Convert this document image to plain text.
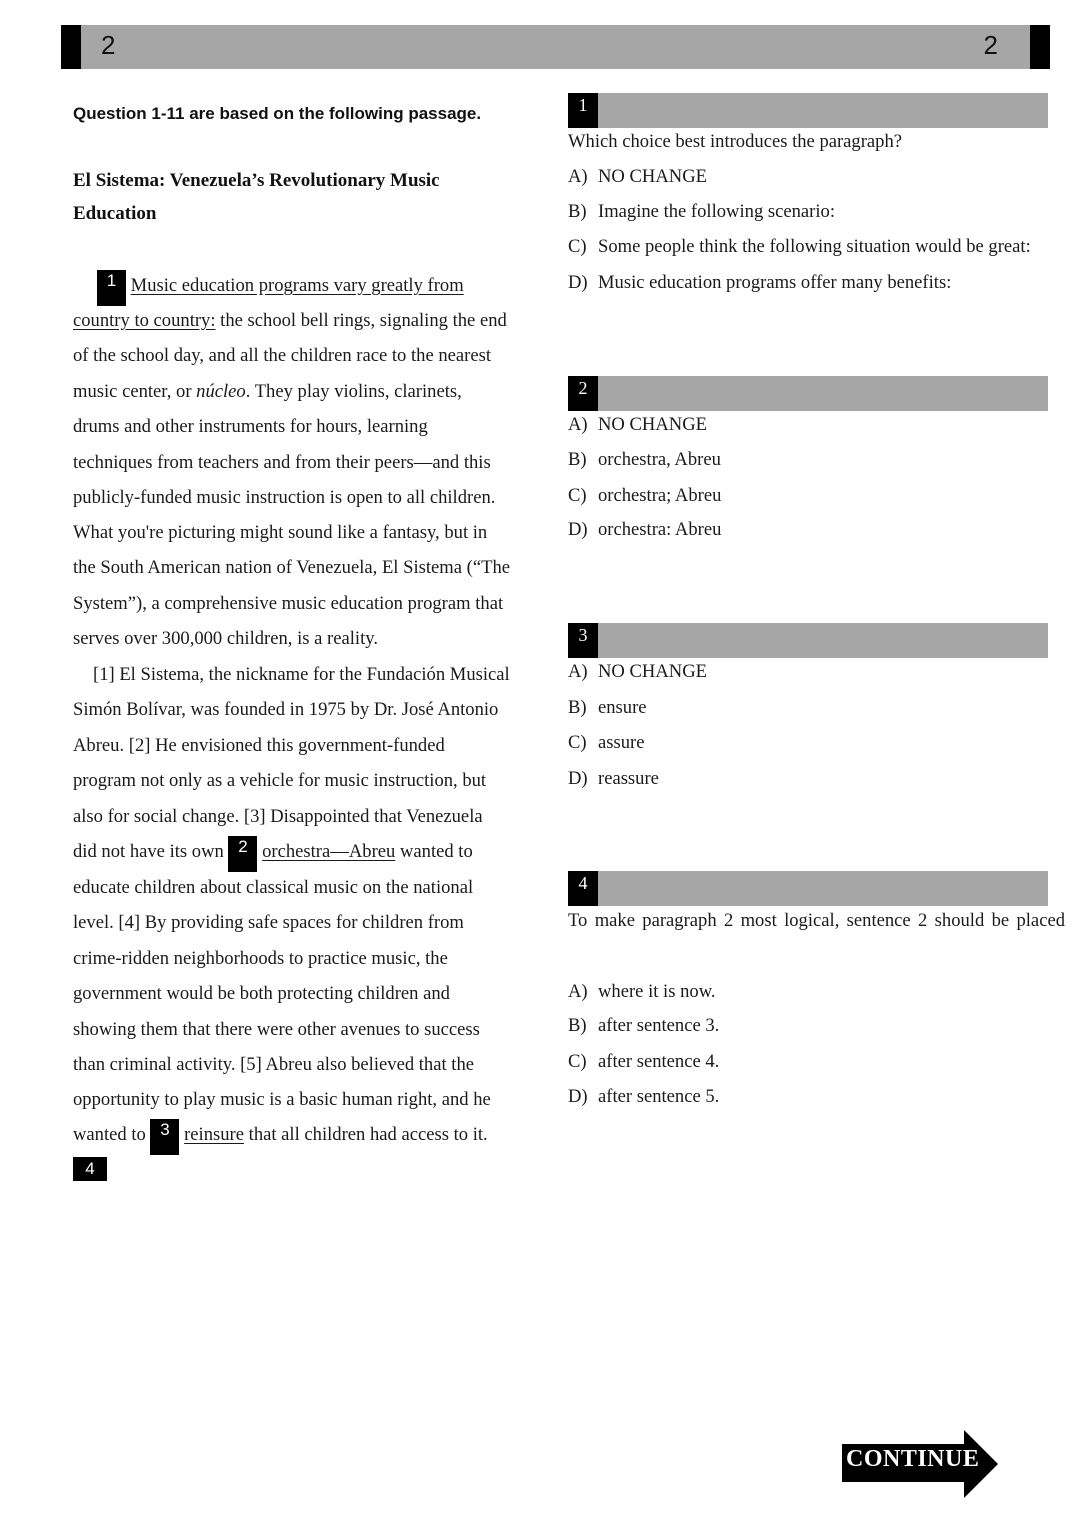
2	2
Question 1-11 are based on the following passage.
El Sistema: Venezuela’s Revolutionary Music
Education
1 Music education programs vary greatly from
country to country: the school bell rings, signaling the end
of the school day, and all the children race to the nearest
music center, or núcleo. They play violins, clarinets,
drums and other instruments for hours, learning
techniques from teachers and from their peers—and this
publicly-funded music instruction is open to all children.
What you're picturing might sound like a fantasy, but in
the South American nation of Venezuela, El Sistema (“The
System”), a comprehensive music education program that
serves over 300,000 children, is a reality.
[1] El Sistema, the nickname for the Fundación Musical
Simón Bolívar, was founded in 1975 by Dr. José Antonio
Abreu. [2] He envisioned this government-funded
program not only as a vehicle for music instruction, but
also for social change. [3] Disappointed that Venezuela
did not have its own 2 orchestra—Abreu wanted to
educate children about classical music on the national
level. [4] By providing safe spaces for children from
crime-ridden neighborhoods to practice music, the
government would be both protecting children and
showing them that there were other avenues to success
than criminal activity. [5] Abreu also believed that the
opportunity to play music is a basic human right, and he
wanted to 3 reinsure that all children had access to it.
4
1
Which choice best introduces the paragraph?
A) NO CHANGE
B) Imagine the following scenario:
C) Some people think the following situation would be great:
D) Music education programs offer many benefits:
2
A) NO CHANGE
B) orchestra, Abreu
C) orchestra; Abreu
D) orchestra: Abreu
3
A) NO CHANGE
B) ensure
C) assure
D) reassure
4
To make paragraph 2 most logical, sentence 2 should be placed
A) where it is now.
B) after sentence 3.
C) after sentence 4.
D) after sentence 5.
CONTINUE
